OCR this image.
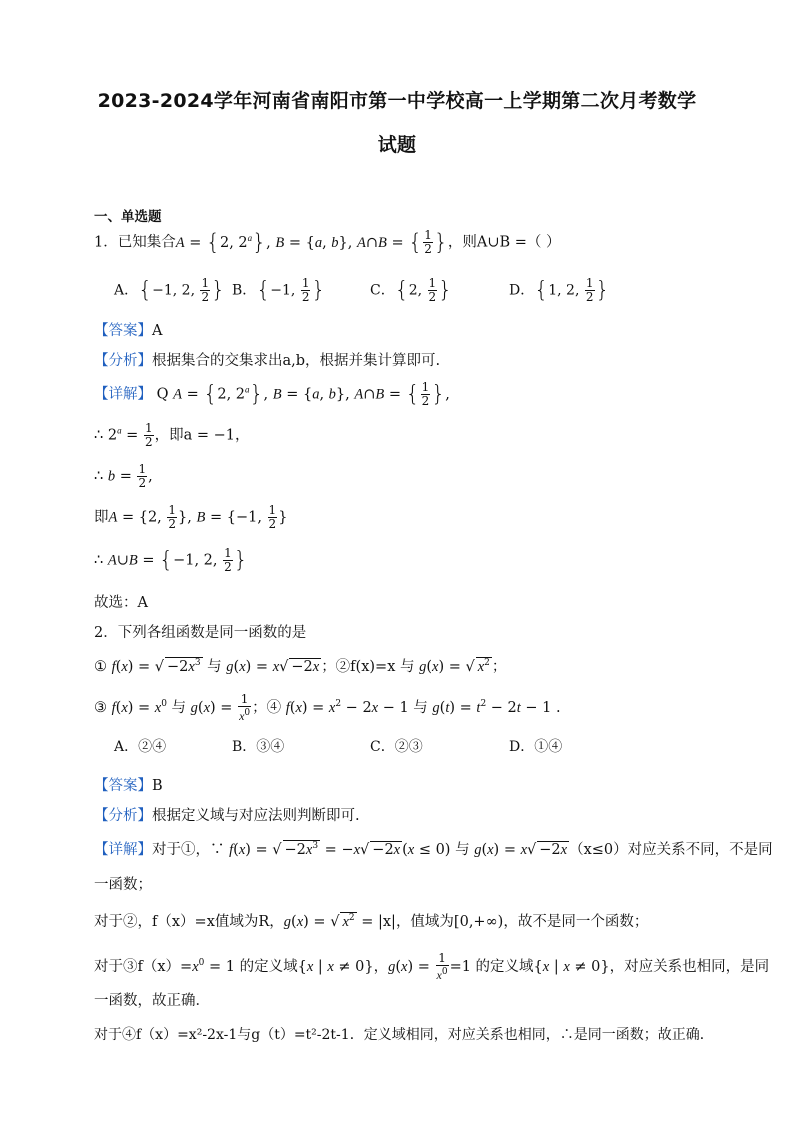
2023-2024学年河南省南阳市第一中学校高一上学期第二次月考数学
试题
一、单选题
1．已知集合A = {2, 2$^a$}, B = {a, b}, A∩B = { $\frac{1}{2}$ }，则A∪B =（ ）
A．{−1, 2, $\frac{1}{2}$ } B．{−1, $\frac{1}{2}$ }	C．{2, $\frac{1}{2}$ }	D．{1, 2, $\frac{1}{2}$ }
【答案】A
【分析】根据集合的交集求出a,b，根据并集计算即可.
【详解】 Q A = {2, 2$^a$}, B = {a, b}, A∩B = { $\frac{1}{2}$ },
∴ $2^a = \frac{1}{2}$ ，即a = −1，
∴ $b = \frac{1}{2}$ ,
即A = {2, $\frac{1}{2}$ }, B = {−1, $\frac{1}{2}$ }
∴ A∪B = {−1, 2, $\frac{1}{2}$ }
故选：A
2．下列各组函数是同一函数的是
① f(x) = √ $-2x^3$ 与 g(x) = x√ −2x ；②f(x)=x 与 g(x) = √ $x^2$ ；
③ $f(x) = x^0$ 与 $g(x) = \frac{1}{x^0}$ ；④ $f(x) = x^2 - 2x - 1$ 与 $g(t) = t^2 - 2t - 1$ .
A．②④	B．③④	C．②③	D．①④
【答案】B
【分析】根据定义域与对应法则判断即可.
【详解】对于①，∵ f(x) = √ $-2x^3 = -x√ -2x$ (x ≤ 0) 与 g(x) = x√ −2x （x≤0）对应关系不同，不是同
一函数；
对于②，f（x）=x值域为R，g(x) = √ $x^2 = |x|$，值域为[0,+∞)，故不是同一个函数；
对于$③f(x)=x^0 = 1$ 的定义域{x | x ≠ 0}，$g(x) = \frac{1}{x^0} =1$ 的定义域{x | x ≠ 0}，对应关系也相同，是同
一函数，故正确．
对于④f（x）=x²-2x-1与g（t）=t²-2t-1．定义域相同，对应关系也相同，∴是同一函数；故正确．
